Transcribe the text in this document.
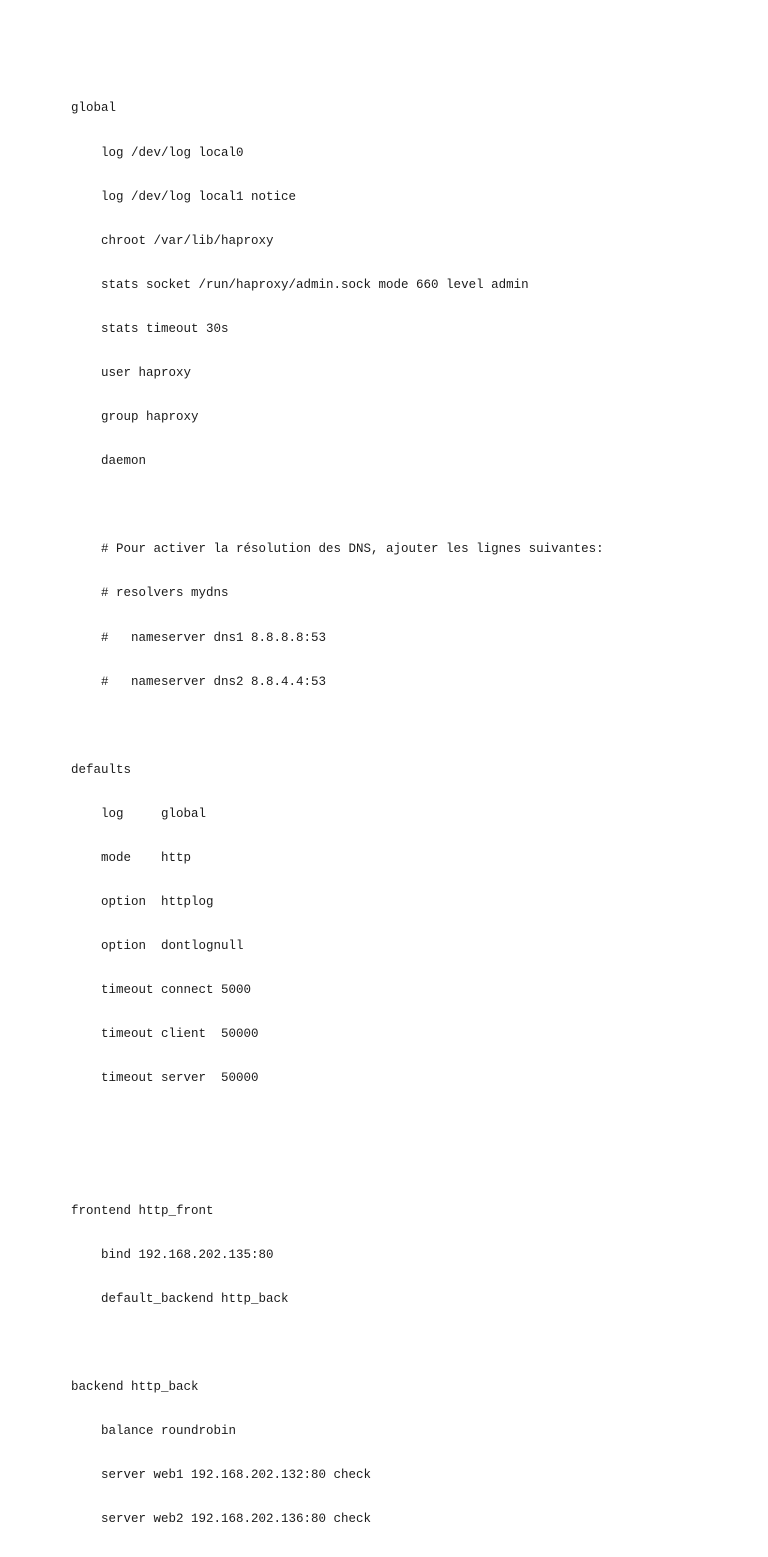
global

log /dev/log local0

log /dev/log local1 notice

chroot /var/lib/haproxy

stats socket /run/haproxy/admin.sock mode 660 level admin

stats timeout 30s

user haproxy

group haproxy

daemon

# Pour activer la résolution des DNS, ajouter les lignes suivantes:

# resolvers mydns

#   nameserver dns1 8.8.8.8:53

#   nameserver dns2 8.8.4.4:53

defaults

log     global

mode    http

option  httplog

option  dontlognull

timeout connect 5000

timeout client  50000

timeout server  50000

frontend http_front

bind 192.168.202.135:80

default_backend http_back

backend http_back

balance roundrobin

server web1 192.168.202.132:80 check

server web2 192.168.202.136:80 check
